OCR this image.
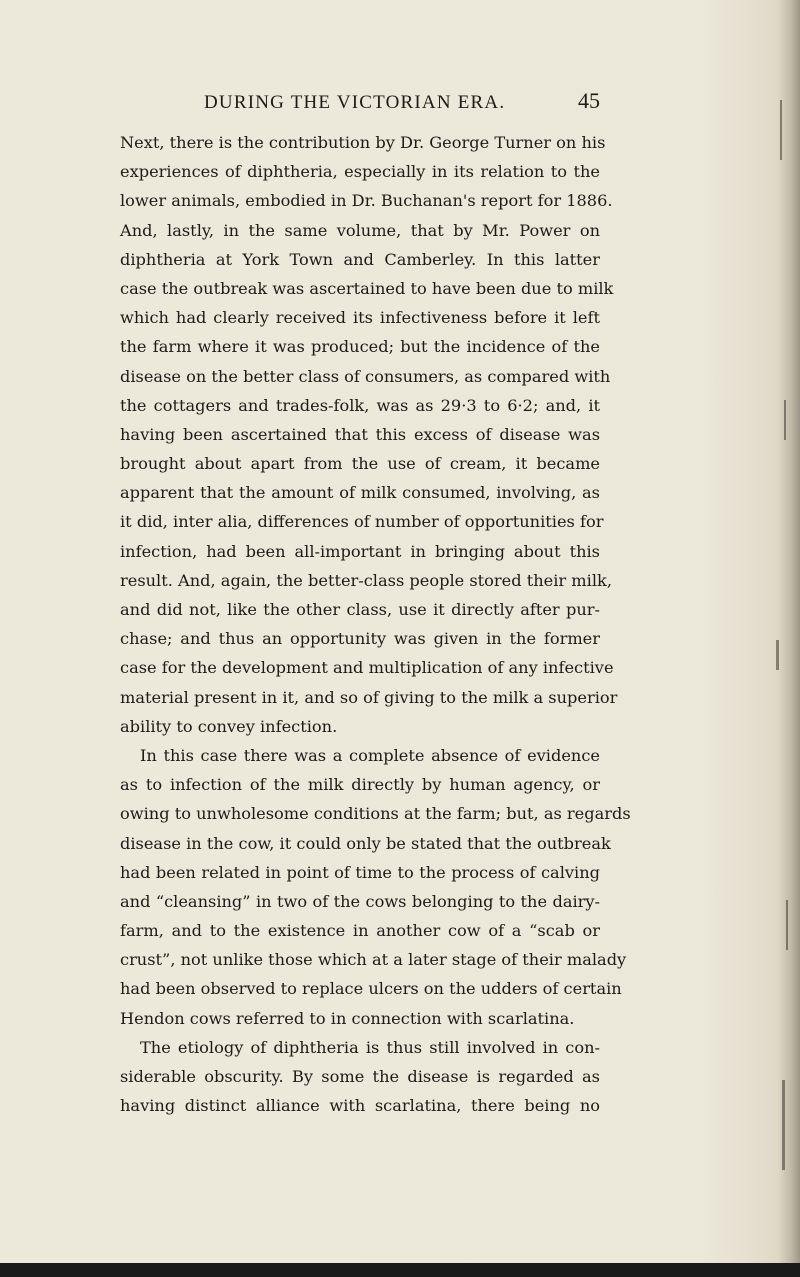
DURING THE VICTORIAN ERA.	45
Next, there is the contribution by Dr. George Turner on his
experiences of diphtheria, especially in its relation to the
lower animals, embodied in Dr. Buchanan's report for 1886.
And, lastly, in the same volume, that by Mr. Power on
diphtheria at York Town and Camberley. In this latter
case the outbreak was ascertained to have been due to milk
which had clearly received its infectiveness before it left
the farm where it was produced; but the incidence of the
disease on the better class of consumers, as compared with
the cottagers and trades-folk, was as 29·3 to 6·2; and, it
having been ascertained that this excess of disease was
brought about apart from the use of cream, it became
apparent that the amount of milk consumed, involving, as
it did, inter alia, differences of number of opportunities for
infection, had been all-important in bringing about this
result. And, again, the better-class people stored their milk,
and did not, like the other class, use it directly after pur-
chase; and thus an opportunity was given in the former
case for the development and multiplication of any infective
material present in it, and so of giving to the milk a superior
ability to convey infection.
In this case there was a complete absence of evidence
as to infection of the milk directly by human agency, or
owing to unwholesome conditions at the farm; but, as regards
disease in the cow, it could only be stated that the outbreak
had been related in point of time to the process of calving
and “cleansing” in two of the cows belonging to the dairy-
farm, and to the existence in another cow of a “scab or
crust”, not unlike those which at a later stage of their malady
had been observed to replace ulcers on the udders of certain
Hendon cows referred to in connection with scarlatina.
The etiology of diphtheria is thus still involved in con-
siderable obscurity. By some the disease is regarded as
having distinct alliance with scarlatina, there being no
